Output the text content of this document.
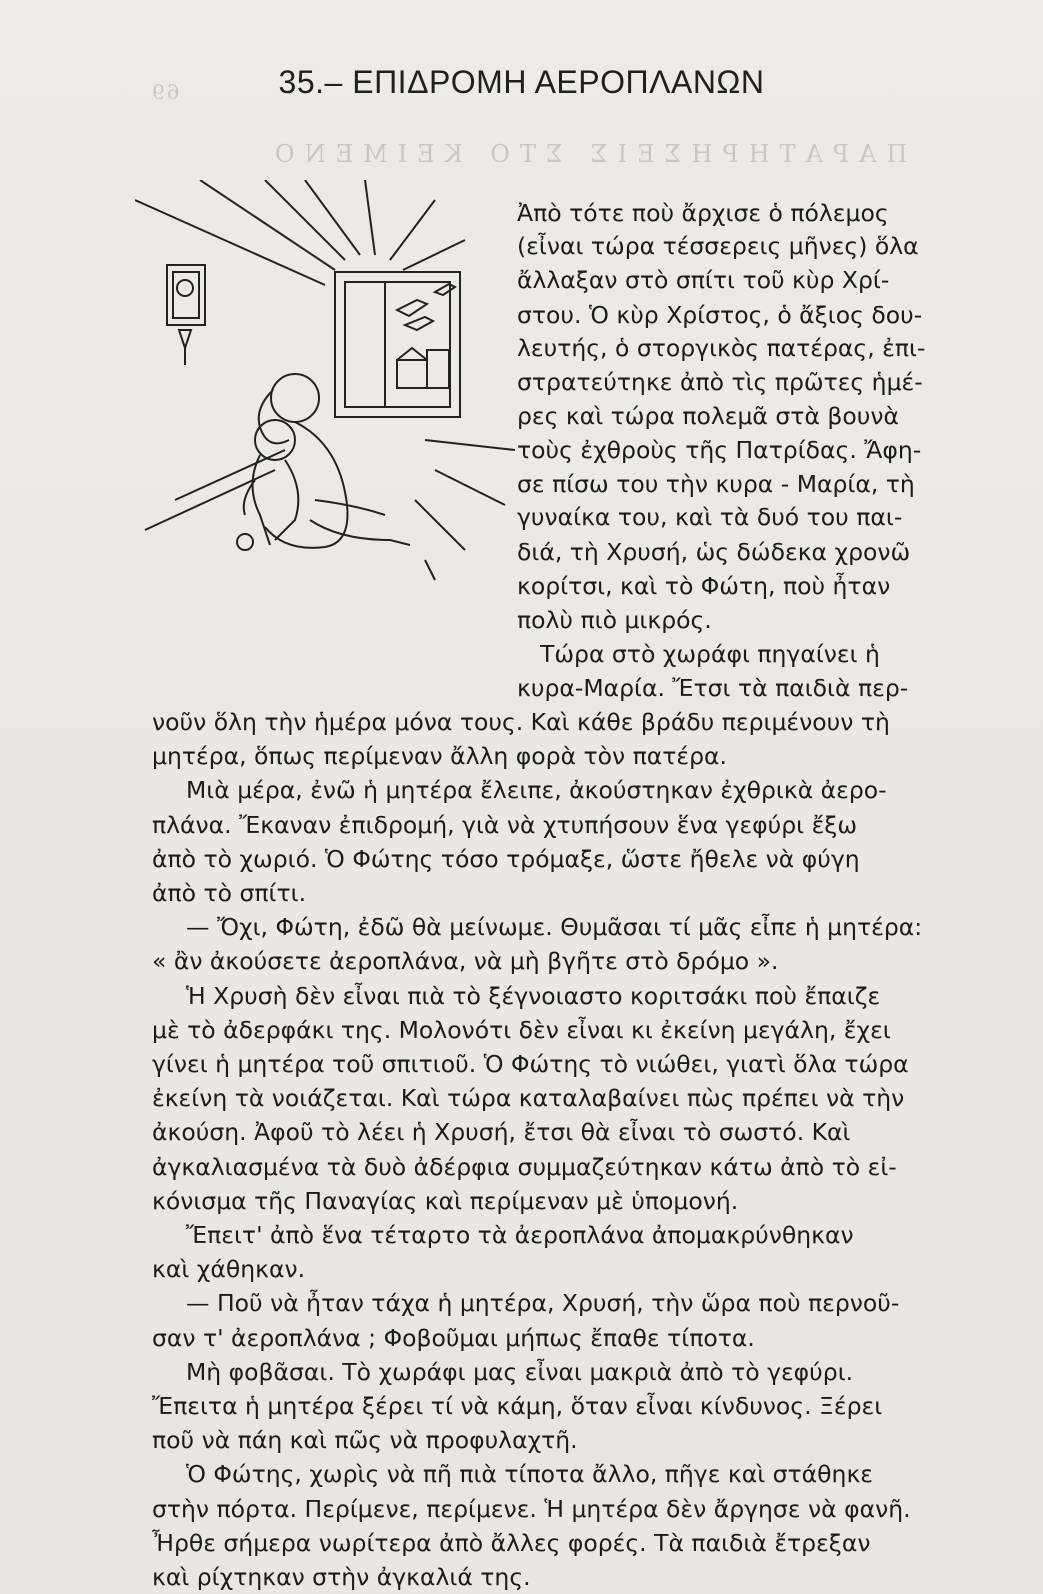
69
ΠΑΡΑΤΗΡΗΣΕΙΣ ΣΤΟ ΚΕΙΜΕΝΟ
35.– ΕΠΙΔΡΟΜΗ ΑΕΡΟΠΛΑΝΩΝ
Ἀπὸ τότε ποὺ ἄρχισε ὁ πόλεμος
(εἶναι τώρα τέσσερεις μῆνες) ὅλα
ἄλλαξαν στὸ σπίτι τοῦ κὺρ Χρί-
στου. Ὁ κὺρ Χρίστος, ὁ ἄξιος δου-
λευτής, ὁ στοργικὸς πατέρας, ἐπι-
στρατεύτηκε ἀπὸ τὶς πρῶτες ἡμέ-
ρες καὶ τώρα πολεμᾶ στὰ βουνὰ
τοὺς ἐχθροὺς τῆς Πατρίδας. Ἄφη-
σε πίσω του τὴν κυρα - Μαρία, τὴ
γυναίκα του, καὶ τὰ δυό του παι-
διά, τὴ Χρυσή, ὡς δώδεκα χρονῶ
κορίτσι, καὶ τὸ Φώτη, ποὺ ἦταν
πολὺ πιὸ μικρός.
Τώρα στὸ χωράφι πηγαίνει ἡ
κυρα-Μαρία. Ἔτσι τὰ παιδιὰ περ-
νοῦν ὅλη τὴν ἡμέρα μόνα τους. Καὶ κάθε βράδυ περιμένουν τὴ
μητέρα, ὅπως περίμεναν ἄλλη φορὰ τὸν πατέρα.
Μιὰ μέρα, ἐνῶ ἡ μητέρα ἔλειπε, ἀκούστηκαν ἐχθρικὰ ἀερο-
πλάνα. Ἔκαναν ἐπιδρομή, γιὰ νὰ χτυπήσουν ἕνα γεφύρι ἔξω
ἀπὸ τὸ χωριό. Ὁ Φώτης τόσο τρόμαξε, ὥστε ἤθελε νὰ φύγη
ἀπὸ τὸ σπίτι.
— Ὄχι, Φώτη, ἐδῶ θὰ μείνωμε. Θυμᾶσαι τί μᾶς εἶπε ἡ μητέρα:
« ἂν ἀκούσετε ἀεροπλάνα, νὰ μὴ βγῆτε στὸ δρόμο ».
Ἡ Χρυσὴ δὲν εἶναι πιὰ τὸ ξέγνοιαστο κοριτσάκι ποὺ ἔπαιζε
μὲ τὸ ἀδερφάκι της. Μολονότι δὲν εἶναι κι ἐκείνη μεγάλη, ἔχει
γίνει ἡ μητέρα τοῦ σπιτιοῦ. Ὁ Φώτης τὸ νιώθει, γιατὶ ὅλα τώρα
ἐκείνη τὰ νοιάζεται. Καὶ τώρα καταλαβαίνει πὼς πρέπει νὰ τὴν
ἀκούση. Ἀφοῦ τὸ λέει ἡ Χρυσή, ἔτσι θὰ εἶναι τὸ σωστό. Καὶ
ἀγκαλιασμένα τὰ δυὸ ἀδέρφια συμμαζεύτηκαν κάτω ἀπὸ τὸ εἰ-
κόνισμα τῆς Παναγίας καὶ περίμεναν μὲ ὑπομονή.
Ἔπειτ' ἀπὸ ἕνα τέταρτο τὰ ἀεροπλάνα ἀπομακρύνθηκαν
καὶ χάθηκαν.
— Ποῦ νὰ ἦταν τάχα ἡ μητέρα, Χρυσή, τὴν ὥρα ποὺ περνοῦ-
σαν τ' ἀεροπλάνα ; Φοβοῦμαι μήπως ἔπαθε τίποτα.
Μὴ φοβᾶσαι. Τὸ χωράφι μας εἶναι μακριὰ ἀπὸ τὸ γεφύρι.
Ἔπειτα ἡ μητέρα ξέρει τί νὰ κάμη, ὅταν εἶναι κίνδυνος. Ξέρει
ποῦ νὰ πάη καὶ πῶς νὰ προφυλαχτῆ.
Ὁ Φώτης, χωρὶς νὰ πῆ πιὰ τίποτα ἄλλο, πῆγε καὶ στάθηκε
στὴν πόρτα. Περίμενε, περίμενε. Ἡ μητέρα δὲν ἄργησε νὰ φανῆ.
Ἦρθε σήμερα νωρίτερα ἀπὸ ἄλλες φορές. Τὰ παιδιὰ ἔτρεξαν
καὶ ρίχτηκαν στὴν ἀγκαλιά της.
